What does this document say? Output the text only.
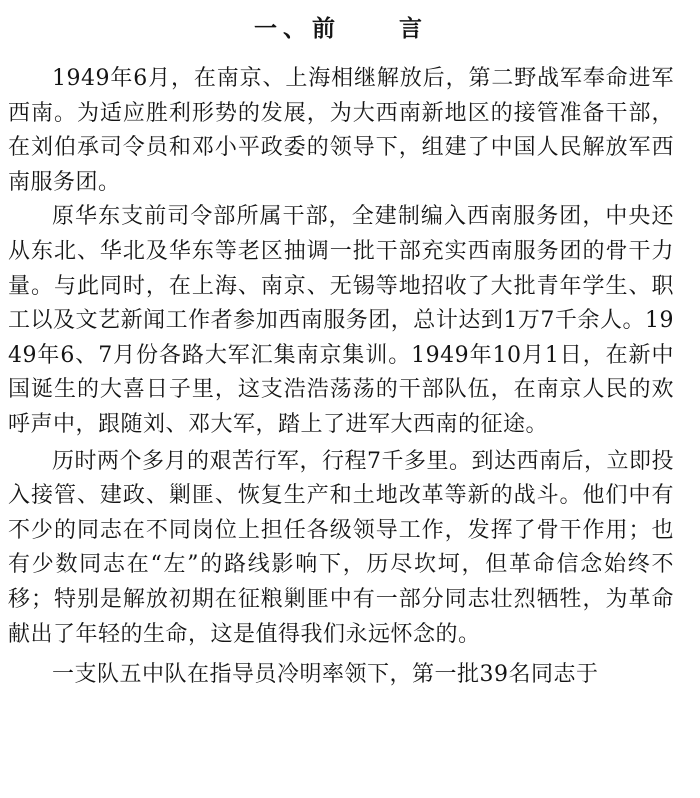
一、前　　言

1949年6月，在南京、上海相继解放后，第二野战军奉命进军西南。为适应胜利形势的发展，为大西南新地区的接管准备干部，在刘伯承司令员和邓小平政委的领导下，组建了中国人民解放军西南服务团。

原华东支前司令部所属干部，全建制编入西南服务团，中央还从东北、华北及华东等老区抽调一批干部充实西南服务团的骨干力量。与此同时，在上海、南京、无锡等地招收了大批青年学生、职工以及文艺新闻工作者参加西南服务团，总计达到1万7千余人。1949年6、7月份各路大军汇集南京集训。1949年10月1日，在新中国诞生的大喜日子里，这支浩浩荡荡的干部队伍，在南京人民的欢呼声中，跟随刘、邓大军，踏上了进军大西南的征途。

历时两个多月的艰苦行军，行程7千多里。到达西南后，立即投入接管、建政、剿匪、恢复生产和土地改革等新的战斗。他们中有不少的同志在不同岗位上担任各级领导工作，发挥了骨干作用；也有少数同志在“左”的路线影响下，历尽坎坷，但革命信念始终不移；特别是解放初期在征粮剿匪中有一部分同志壮烈牺牲，为革命献出了年轻的生命，这是值得我们永远怀念的。

一支队五中队在指导员冷明率领下，第一批39名同志于
